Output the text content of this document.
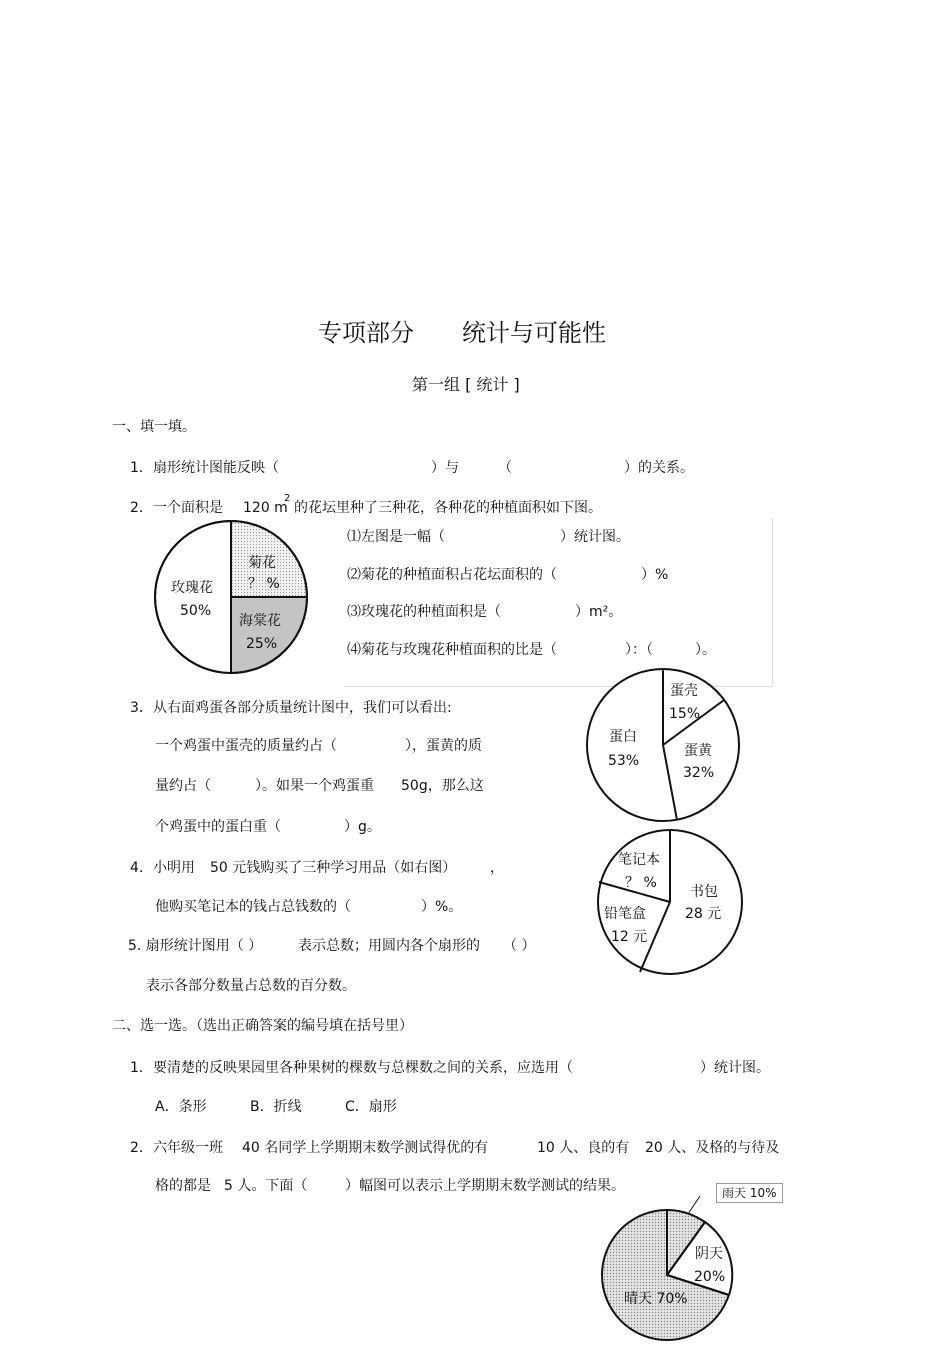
专项部分 统计与可能性
第一组 [ 统计 ]
一、填一填。
1． 扇形统计图能反映（	）与	（	）的关系。
2． 一个面积是 120 m
2
的花坛里种了三种花，各种花的种植面积如下图。
⑴左图是一幅（	）统计图。
⑵菊花的种植面积占花坛面积的（	）%
⑶玫瑰花的种植面积是（	）m²。
⑷菊花与玫瑰花种植面积的比是（	）：（	）。
3． 从右面鸡蛋各部分质量统计图中，我们可以看出:
一个鸡蛋中蛋壳的质量约占（	），蛋黄的质
量约占（	）。如果一个鸡蛋重 50g，那么这
个鸡蛋中的蛋白重（	）g。
4． 小明用 50 元钱购买了三种学习用品（如右图） ，
他购买笔记本的钱占总钱数的（	）%。
5. 扇形统计图用（ ）	表示总数；用圆内各个扇形的 （ ）
表示各部分数量占总数的百分数。
二、选一选。（选出正确答案的编号填在括号里）
1． 要清楚的反映果园里各种果树的棵数与总棵数之间的关系，应选用（	）统计图。
A．条形	B．折线	C．扇形
2． 六年级一班 40 名同学上学期期末数学测试得优的有	10 人、良的有 20 人、及格的与待及
格的都是 5 人。下面（	）幅图可以表示上学期期末数学测试的结果。
玫瑰花
50%
菊花
？ %
海棠花
25%
蛋壳
15%
蛋黄
32%
蛋白
53%
笔记本
？ %
书包
28 元
铅笔盒
12 元
阴天
20%
晴天 70%
雨天 10%
